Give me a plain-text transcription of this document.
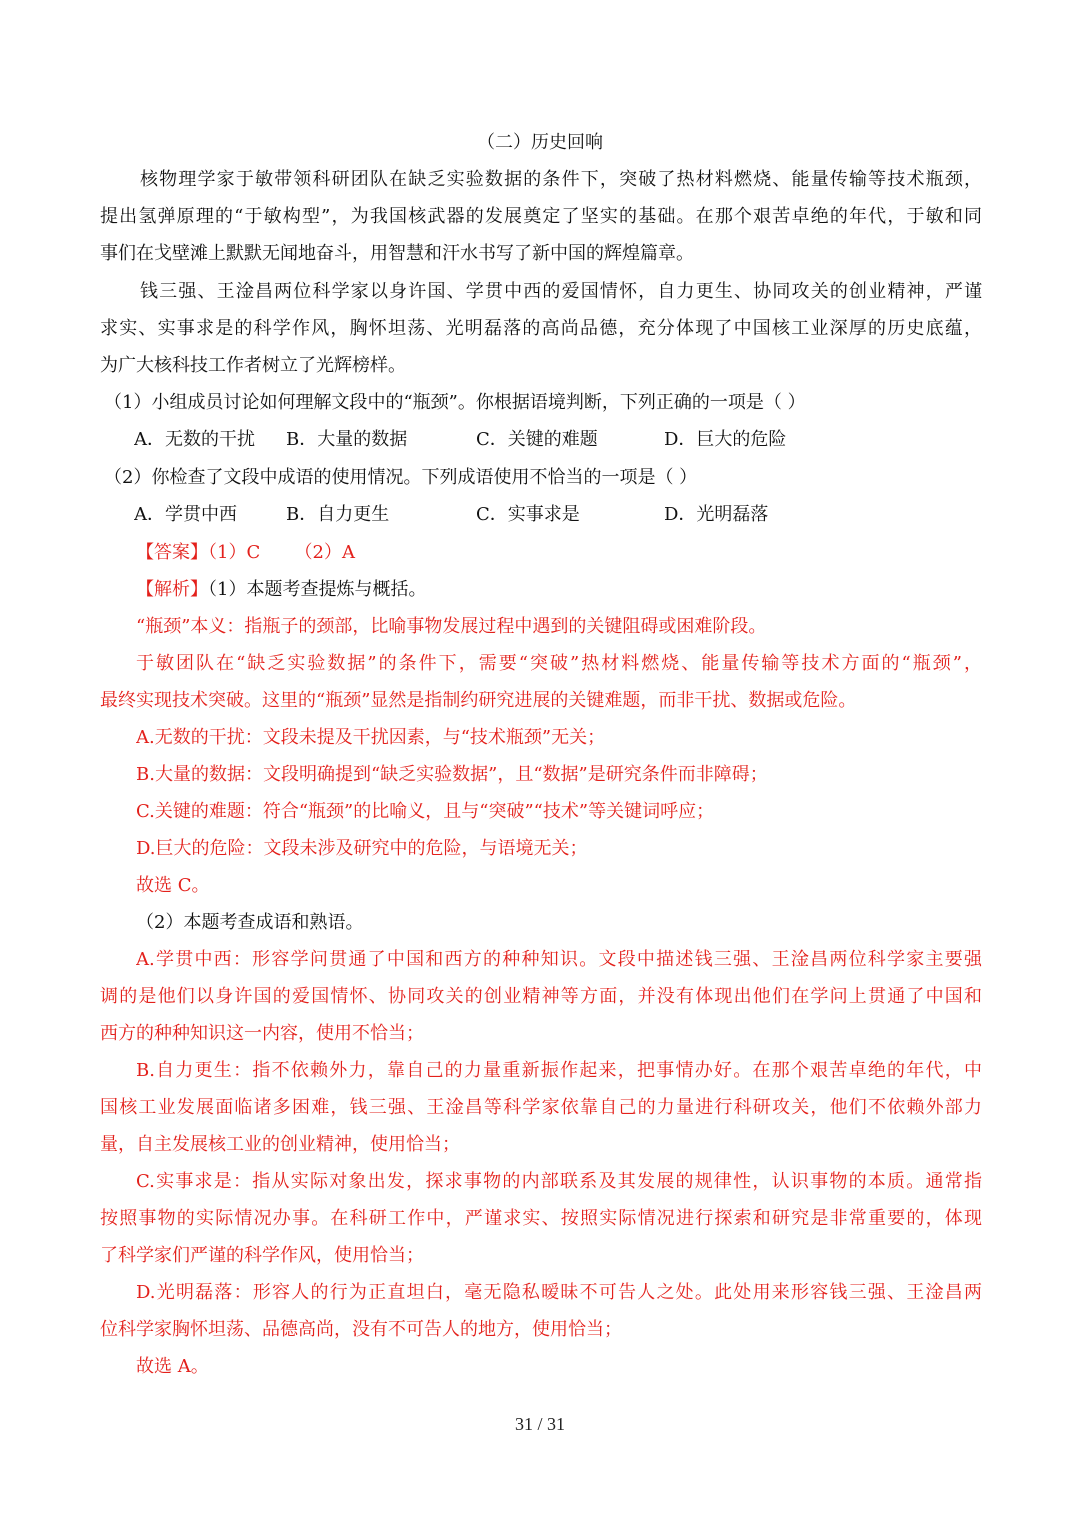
（二）历史回响
核物理学家于敏带领科研团队在缺乏实验数据的条件下，突破了热材料燃烧、能量传输等技术瓶颈，
提出氢弹原理的“于敏构型”，为我国核武器的发展奠定了坚实的基础。在那个艰苦卓绝的年代，于敏和同
事们在戈壁滩上默默无闻地奋斗，用智慧和汗水书写了新中国的辉煌篇章。
钱三强、王淦昌两位科学家以身许国、学贯中西的爱国情怀，自力更生、协同攻关的创业精神，严谨
求实、实事求是的科学作风，胸怀坦荡、光明磊落的高尚品德，充分体现了中国核工业深厚的历史底蕴，
为广大核科技工作者树立了光辉榜样。
（1）小组成员讨论如何理解文段中的“瓶颈”。你根据语境判断，下列正确的一项是（ ）
A．无数的干扰 B．大量的数据	C．关键的难题	D．巨大的危险
（2）你检查了文段中成语的使用情况。下列成语使用不恰当的一项是（ ）
A．学贯中西	B．自力更生	C．实事求是	D．光明磊落
【答案】（1）C      （2）A
【解析】（1）本题考查提炼与概括。
“瓶颈”本义：指瓶子的颈部，比喻事物发展过程中遇到的关键阻碍或困难阶段。
于敏团队在“缺乏实验数据”的条件下，需要“突破”热材料燃烧、能量传输等技术方面的“瓶颈”，
最终实现技术突破。这里的“瓶颈”显然是指制约研究进展的关键难题，而非干扰、数据或危险。
A.无数的干扰：文段未提及干扰因素，与“技术瓶颈”无关；
B.大量的数据：文段明确提到“缺乏实验数据”，且“数据”是研究条件而非障碍；
C.关键的难题：符合“瓶颈”的比喻义，且与“突破”“技术”等关键词呼应；
D.巨大的危险：文段未涉及研究中的危险，与语境无关；
故选 C。
（2）本题考查成语和熟语。
A.学贯中西：形容学问贯通了中国和西方的种种知识。文段中描述钱三强、王淦昌两位科学家主要强
调的是他们以身许国的爱国情怀、协同攻关的创业精神等方面，并没有体现出他们在学问上贯通了中国和
西方的种种知识这一内容，使用不恰当；
B.自力更生：指不依赖外力，靠自己的力量重新振作起来，把事情办好。在那个艰苦卓绝的年代，中
国核工业发展面临诸多困难，钱三强、王淦昌等科学家依靠自己的力量进行科研攻关，他们不依赖外部力
量，自主发展核工业的创业精神，使用恰当；
C.实事求是：指从实际对象出发，探求事物的内部联系及其发展的规律性，认识事物的本质。通常指
按照事物的实际情况办事。在科研工作中，严谨求实、按照实际情况进行探索和研究是非常重要的，体现
了科学家们严谨的科学作风，使用恰当；
D.光明磊落：形容人的行为正直坦白，毫无隐私暧昧不可告人之处。此处用来形容钱三强、王淦昌两
位科学家胸怀坦荡、品德高尚，没有不可告人的地方，使用恰当；
故选 A。
31 / 31
